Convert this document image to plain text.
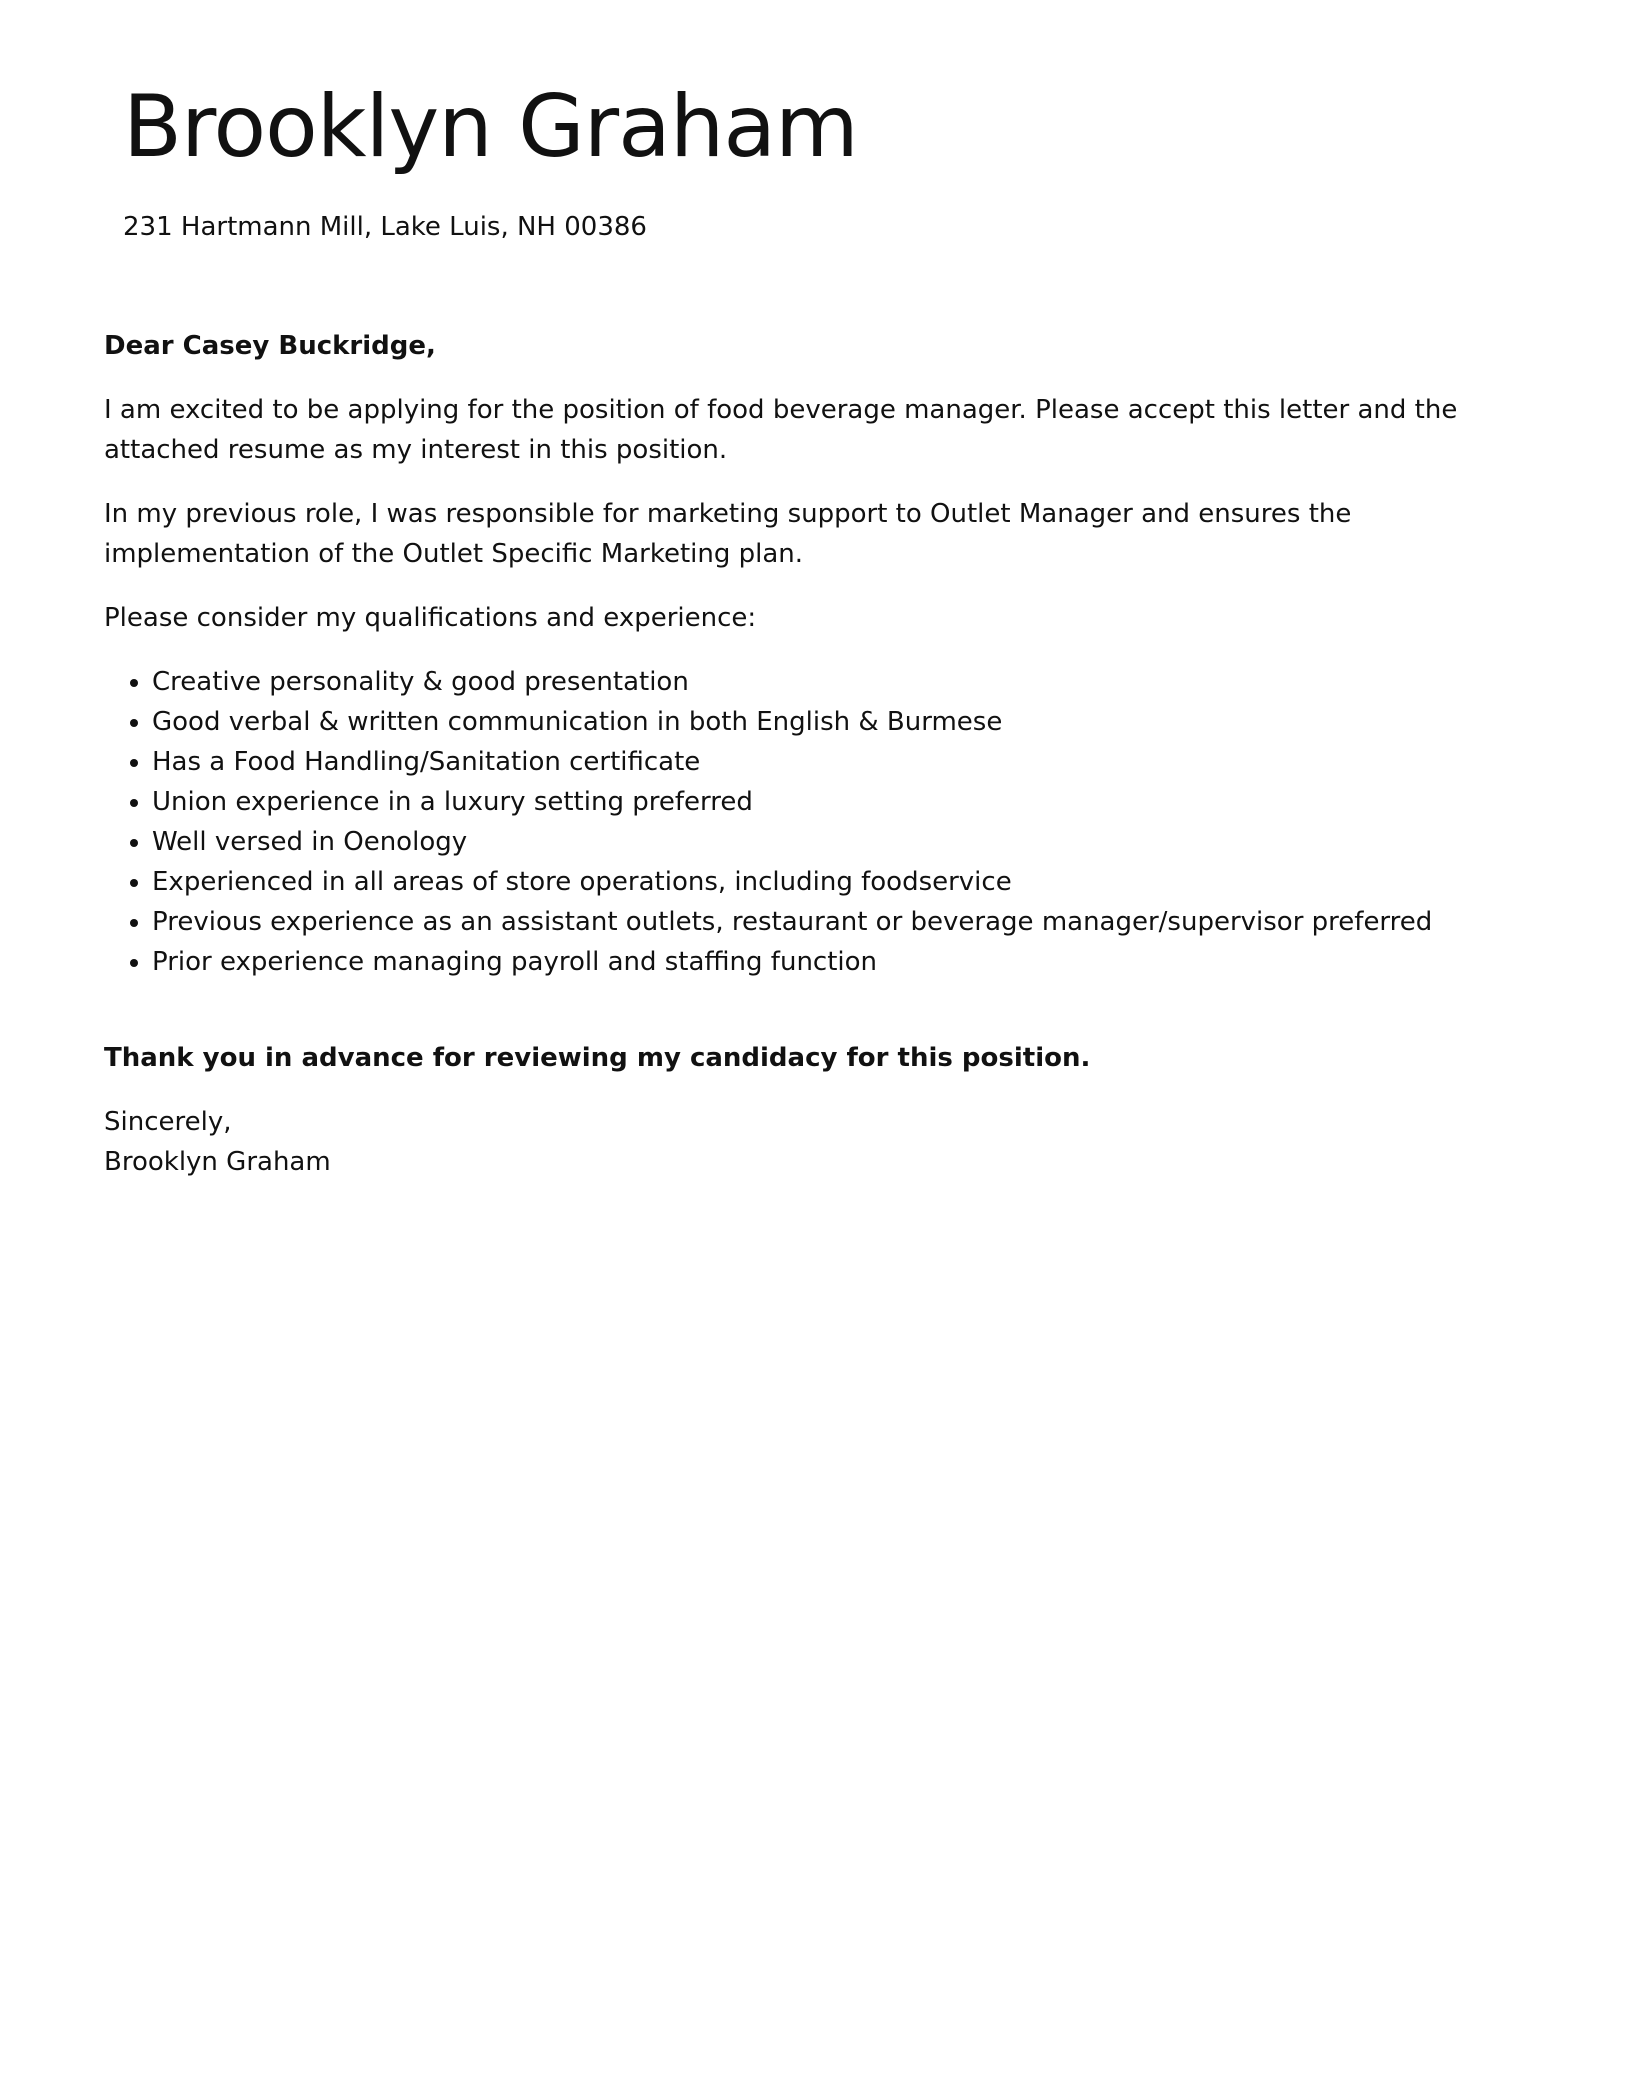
Brooklyn Graham
231 Hartmann Mill, Lake Luis, NH 00386

Dear Casey Buckridge,

I am excited to be applying for the position of food beverage manager. Please accept this letter and the attached resume as my interest in this position.

In my previous role, I was responsible for marketing support to Outlet Manager and ensures the implementation of the Outlet Specific Marketing plan.

Please consider my qualifications and experience:

• Creative personality & good presentation
• Good verbal & written communication in both English & Burmese
• Has a Food Handling/Sanitation certificate
• Union experience in a luxury setting preferred
• Well versed in Oenology
• Experienced in all areas of store operations, including foodservice
• Previous experience as an assistant outlets, restaurant or beverage manager/supervisor preferred
• Prior experience managing payroll and staffing function

Thank you in advance for reviewing my candidacy for this position.

Sincerely,
Brooklyn Graham
